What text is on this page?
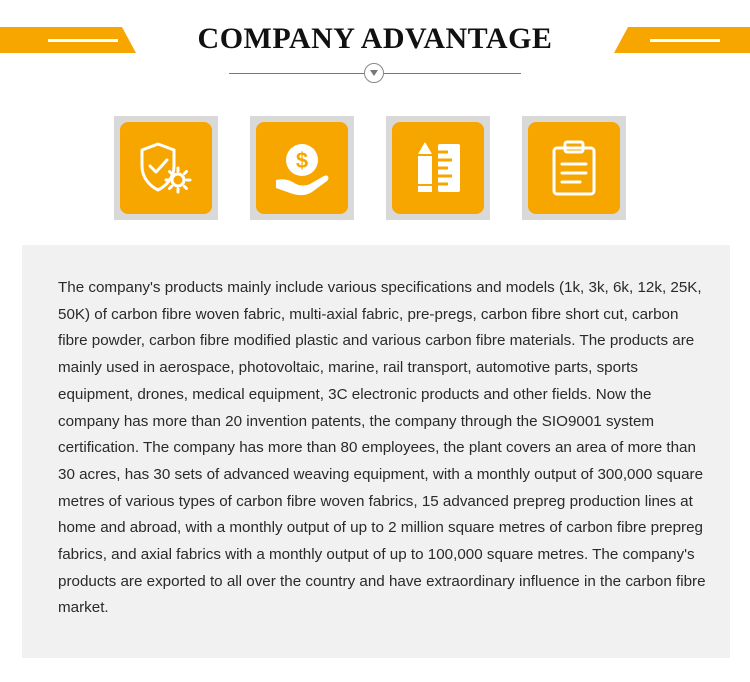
COMPANY ADVANTAGE
$

The company's products mainly include various specifications and models (1k, 3k, 6k, 12k, 25K, 50K) of carbon fibre woven fabric, multi-axial fabric, pre-pregs, carbon fibre short cut, carbon fibre powder, carbon fibre modified plastic and various carbon fibre materials. The products are mainly used in aerospace, photovoltaic, marine, rail transport, automotive parts, sports equipment, drones, medical equipment, 3C electronic products and other fields. Now the company has more than 20 invention patents, the company through the SIO9001 system certification. The company has more than 80 employees, the plant covers an area of more than 30 acres, has 30 sets of advanced weaving equipment, with a monthly output of 300,000 square metres of various types of carbon fibre woven fabrics, 15 advanced prepreg production lines at home and abroad, with a monthly output of up to 2 million square metres of carbon fibre prepreg fabrics, and axial fabrics with a monthly output of up to 100,000 square metres. The company's products are exported to all over the country and have extraordinary influence in the carbon fibre market.
